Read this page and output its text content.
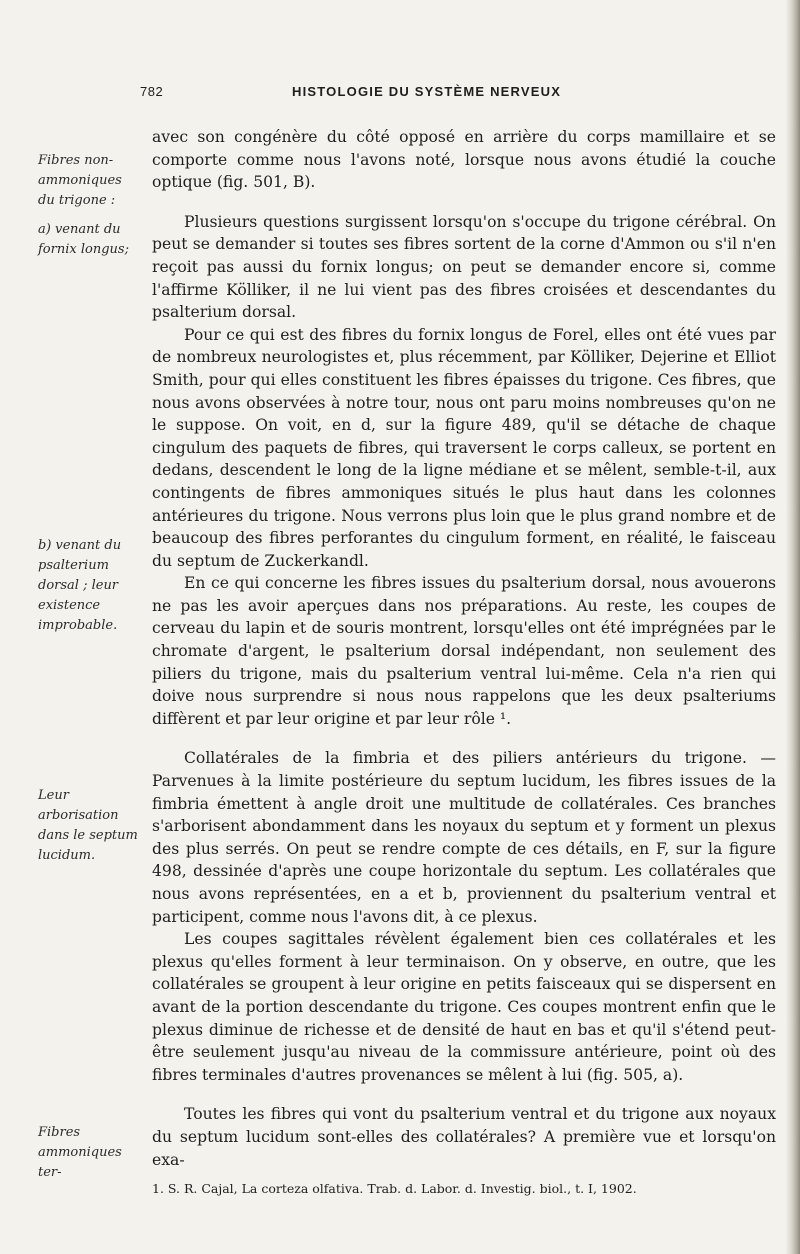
782	HISTOLOGIE DU SYSTÈME NERVEUX
Fibres non-ammoniques du trigone :
a) venant du fornix longus;
b) venant du psalterium dorsal ; leur existence improbable.
Leur arborisation dans le septum lucidum.
Fibres ammoniques ter-

avec son congénère du côté opposé en arrière du corps mamillaire et se comporte comme nous l'avons noté, lorsque nous avons étudié la couche optique (fig. 501, B).

Plusieurs questions surgissent lorsqu'on s'occupe du trigone cérébral. On peut se demander si toutes ses fibres sortent de la corne d'Ammon ou s'il n'en reçoit pas aussi du fornix longus; on peut se demander encore si, comme l'affirme Kölliker, il ne lui vient pas des fibres croisées et descendantes du psalterium dorsal.

Pour ce qui est des fibres du fornix longus de Forel, elles ont été vues par de nombreux neurologistes et, plus récemment, par Kölliker, Dejerine et Elliot Smith, pour qui elles constituent les fibres épaisses du trigone. Ces fibres, que nous avons observées à notre tour, nous ont paru moins nombreuses qu'on ne le suppose. On voit, en d, sur la figure 489, qu'il se détache de chaque cingulum des paquets de fibres, qui traversent le corps calleux, se portent en dedans, descendent le long de la ligne médiane et se mêlent, semble-t-il, aux contingents de fibres ammoniques situés le plus haut dans les colonnes antérieures du trigone. Nous verrons plus loin que le plus grand nombre et de beaucoup des fibres perforantes du cingulum forment, en réalité, le faisceau du septum de Zuckerkandl.

En ce qui concerne les fibres issues du psalterium dorsal, nous avouerons ne pas les avoir aperçues dans nos préparations. Au reste, les coupes de cerveau du lapin et de souris montrent, lorsqu'elles ont été imprégnées par le chromate d'argent, le psalterium dorsal indépendant, non seulement des piliers du trigone, mais du psalterium ventral lui-même. Cela n'a rien qui doive nous surprendre si nous nous rappelons que les deux psalteriums diffèrent et par leur origine et par leur rôle ¹.

Collatérales de la fimbria et des piliers antérieurs du trigone. — Parvenues à la limite postérieure du septum lucidum, les fibres issues de la fimbria émettent à angle droit une multitude de collatérales. Ces branches s'arborisent abondamment dans les noyaux du septum et y forment un plexus des plus serrés. On peut se rendre compte de ces détails, en F, sur la figure 498, dessinée d'après une coupe horizontale du septum. Les collatérales que nous avons représentées, en a et b, proviennent du psalterium ventral et participent, comme nous l'avons dit, à ce plexus.

Les coupes sagittales révèlent également bien ces collatérales et les plexus qu'elles forment à leur terminaison. On y observe, en outre, que les collatérales se groupent à leur origine en petits faisceaux qui se dispersent en avant de la portion descendante du trigone. Ces coupes montrent enfin que le plexus diminue de richesse et de densité de haut en bas et qu'il s'étend peut-être seulement jusqu'au niveau de la commissure antérieure, point où des fibres terminales d'autres provenances se mêlent à lui (fig. 505, a).

Toutes les fibres qui vont du psalterium ventral et du trigone aux noyaux du septum lucidum sont-elles des collatérales? A première vue et lorsqu'on exa-

1. S. R. Cajal, La corteza olfativa. Trab. d. Labor. d. Investig. biol., t. I, 1902.
